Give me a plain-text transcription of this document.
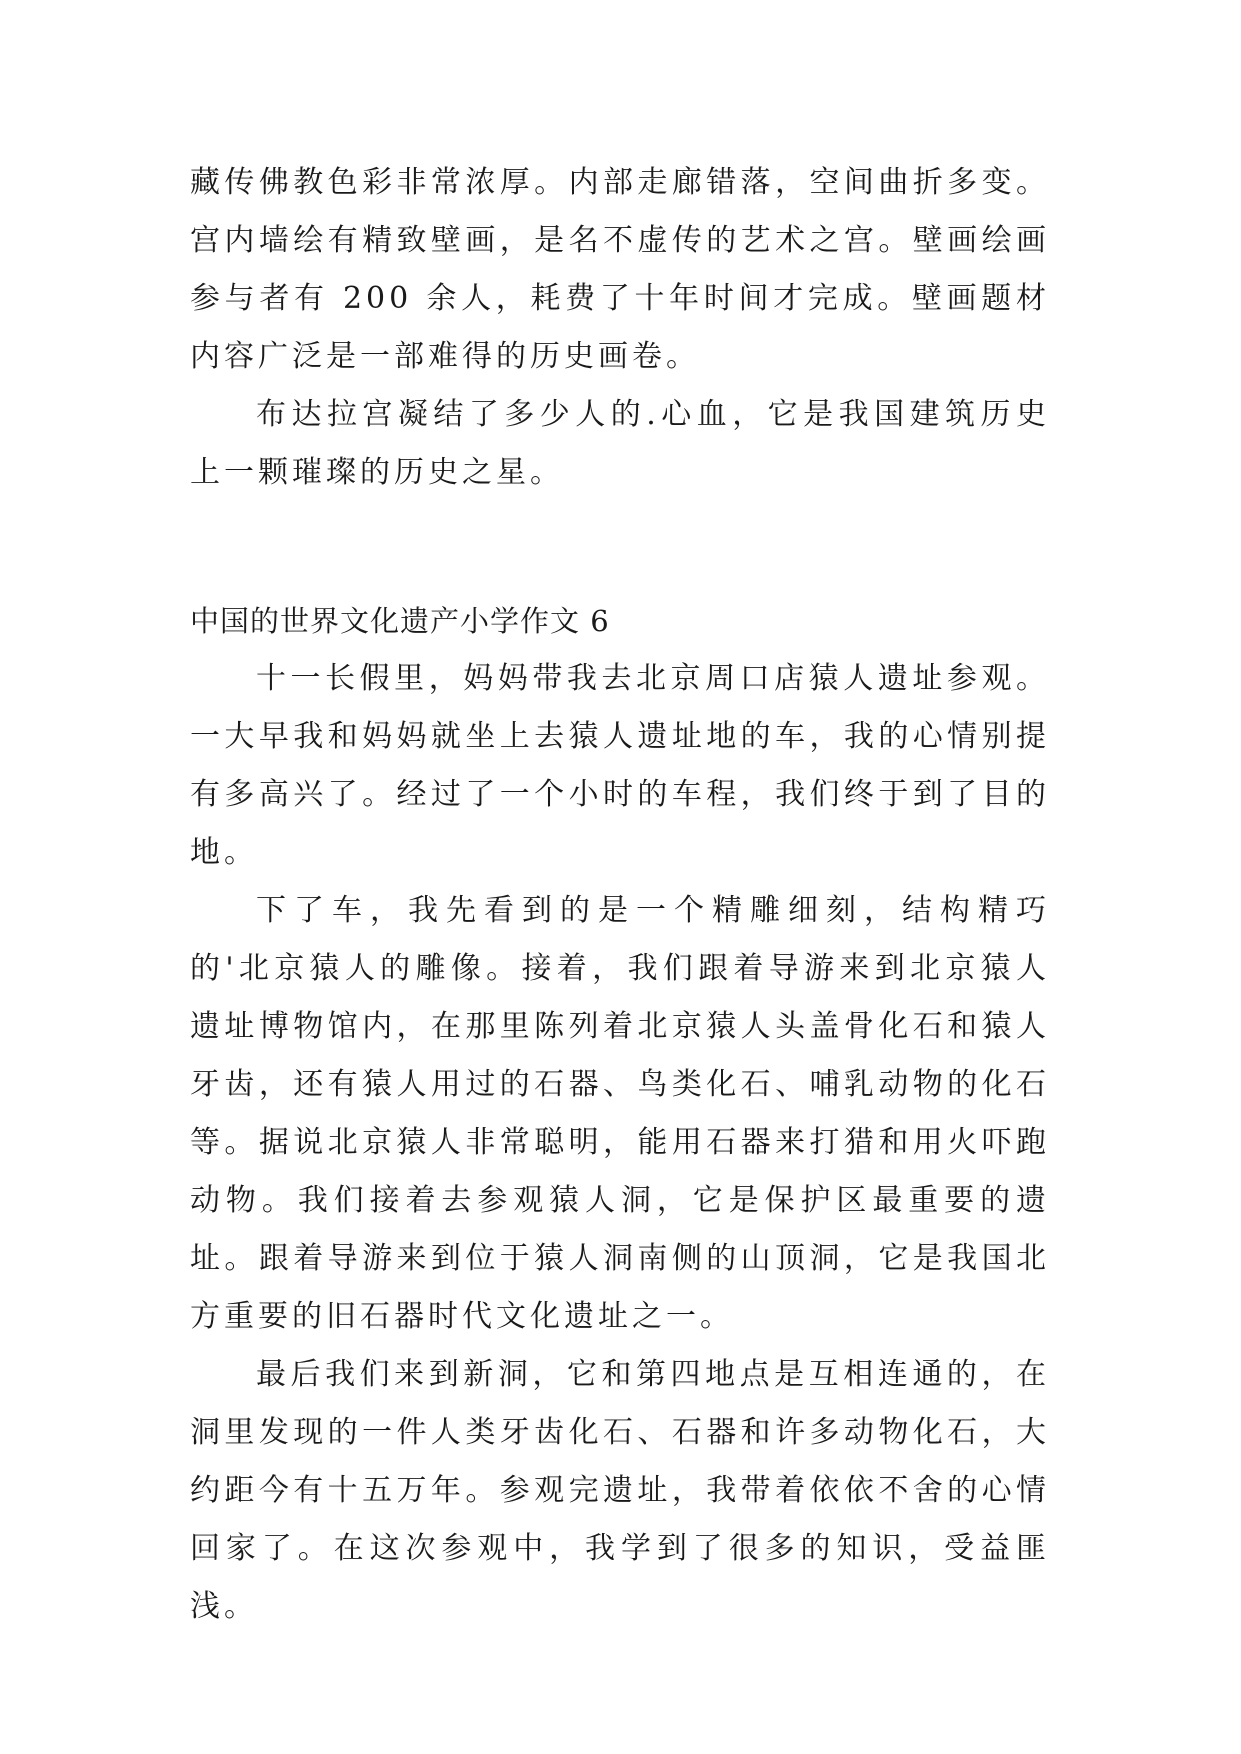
藏传佛教色彩非常浓厚。内部走廊错落，空间曲折多变。宫内墙绘有精致壁画，是名不虚传的艺术之宫。壁画绘画参与者有 200 余人，耗费了十年时间才完成。壁画题材内容广泛是一部难得的历史画卷。

布达拉宫凝结了多少人的.心血，它是我国建筑历史上一颗璀璨的历史之星。

中国的世界文化遗产小学作文 6

十一长假里，妈妈带我去北京周口店猿人遗址参观。一大早我和妈妈就坐上去猿人遗址地的车，我的心情别提有多高兴了。经过了一个小时的车程，我们终于到了目的地。

下了车，我先看到的是一个精雕细刻，结构精巧的'北京猿人的雕像。接着，我们跟着导游来到北京猿人遗址博物馆内，在那里陈列着北京猿人头盖骨化石和猿人牙齿，还有猿人用过的石器、鸟类化石、哺乳动物的化石等。据说北京猿人非常聪明，能用石器来打猎和用火吓跑动物。我们接着去参观猿人洞，它是保护区最重要的遗址。跟着导游来到位于猿人洞南侧的山顶洞，它是我国北方重要的旧石器时代文化遗址之一。

最后我们来到新洞，它和第四地点是互相连通的，在洞里发现的一件人类牙齿化石、石器和许多动物化石，大约距今有十五万年。参观完遗址，我带着依依不舍的心情回家了。在这次参观中，我学到了很多的知识，受益匪浅。
